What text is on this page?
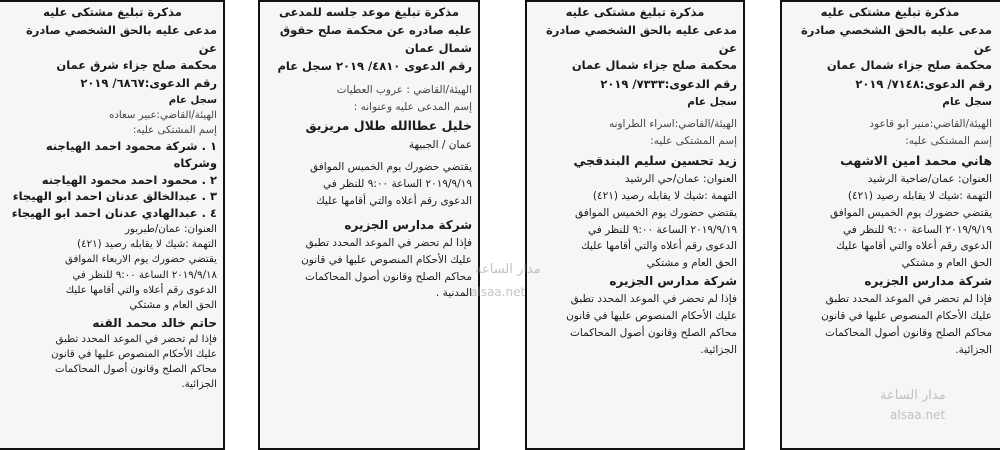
مذكرة تبليغ مشتكى عليه
مدعى عليه بالحق الشخصي صادرة عن
محكمة صلح جزاء شمال عمان
رقم الدعوى:٧١٤٨/ ٢٠١٩
سجل عام
الهيئة/القاضي:منير ابو قاعود
إسم المشتكى عليه:
هاني محمد امين الاشهب
العنوان: عمان/ضاحية الرشيد
التهمة :شيك لا يقابله رصيد (٤٢١)
يقتضي حضورك يوم الخميس الموافق
٢٠١٩/٩/١٩ الساعة ٩:٠٠ للنظر في
الدعوى رقم أعلاه والتي أقامها عليك
الحق العام و مشتكي
شركة مدارس الجزيره
فإذا لم تحضر في الموعد المحدد تطبق
عليك الأحكام المنصوص عليها في قانون
محاكم الصلح وقانون أصول المحاكمات
الجزائية.
مذكرة تبليغ مشتكى عليه
مدعى عليه بالحق الشخصي صادرة عن
محكمة صلح جزاء شمال عمان
رقم الدعوى:٧٣٣٣/ ٢٠١٩
سجل عام
الهيئة/القاضي:اسراء الطراونه
إسم المشتكى عليه:
زيد تحسين سليم البندقجي
العنوان: عمان/حي الرشيد
التهمة :شيك لا يقابله رصيد (٤٢١)
يقتضي حضورك يوم الخميس الموافق
٢٠١٩/٩/١٩ الساعة ٩:٠٠ للنظر في
الدعوى رقم أعلاه والتي أقامها عليك
الحق العام و مشتكي
شركة مدارس الجزيره
فإذا لم تحضر في الموعد المحدد تطبق
عليك الأحكام المنصوص عليها في قانون
محاكم الصلح وقانون أصول المحاكمات
الجزائية.
مذكرة تبليغ موعد جلسه للمدعى
عليه صادره عن محكمة صلح حقوق
شمال عمان
رقم الدعوى ٤٨١٠/ ٢٠١٩ سجل عام
الهيئة/القاضي : عروب العطيات
إسم المدعى عليه وعنوانه :
خليل عطاالله طلال مريزيق
عمان / الجبيهة
يقتضي حضورك يوم الخميس الموافق
٢٠١٩/٩/١٩ الساعة ٩:٠٠ للنظر في
الدعوى رقم أعلاه والتي أقامها عليك
شركة مدارس الجزيره
فإذا لم تحضر في الموعد المحدد تطبق
عليك الأحكام المنصوص عليها في قانون
محاكم الصلح وقانون أصول المحاكمات
المدنية .
مذكرة تبليغ مشتكى عليه
مدعى عليه بالحق الشخصي صادرة عن
محكمة صلح جزاء شرق عمان
رقم الدعوى:٦٨٦٧/ ٢٠١٩
سجل عام
الهيئة/القاضي:عبير سعاده
إسم المشتكى عليه:
١ . شركة محمود احمد الهياجنه وشركاه
٢ . محمود احمد محمود الهياجنه
٣ . عبدالخالق عدنان احمد ابو الهيجاء
٤ . عبدالهادي عدنان احمد ابو الهيجاء
العنوان: عمان/طبربور
التهمة :شيك لا يقابله رصيد (٤٢١)
يقتضي حضورك يوم الاربعاء الموافق
٢٠١٩/٩/١٨ الساعة ٩:٠٠ للنظر في
الدعوى رقم أعلاه والتي أقامها عليك
الحق العام و مشتكي
حاتم خالد محمد القنه
فإذا لم تحضر في الموعد المحدد تطبق
عليك الأحكام المنصوص عليها في قانون
محاكم الصلح وقانون أصول المحاكمات
الجزائية.
مدار الساعة
alsaa.net
مدار الساعة
alsaa.net
